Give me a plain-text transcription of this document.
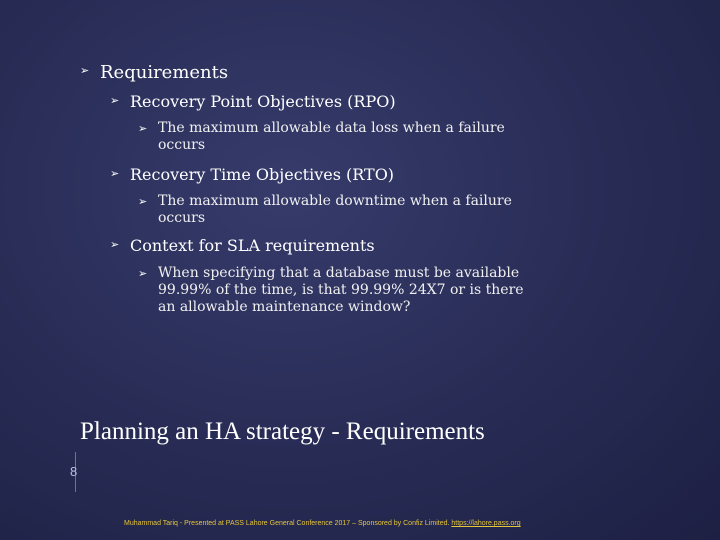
➢ Requirements
➢ Recovery Point Objectives (RPO)
➢ The maximum allowable data loss when a failure occurs
➢ Recovery Time Objectives (RTO)
➢ The maximum allowable downtime when a failure occurs
➢ Context for SLA requirements
➢ When specifying that a database must be available 99.99% of the time, is that 99.99% 24X7 or is there an allowable maintenance window?
Planning an HA strategy - Requirements
8
Muhammad Tariq - Presented at PASS Lahore General Conference 2017 – Sponsored by Confiz Limited. https://lahore.pass.org
